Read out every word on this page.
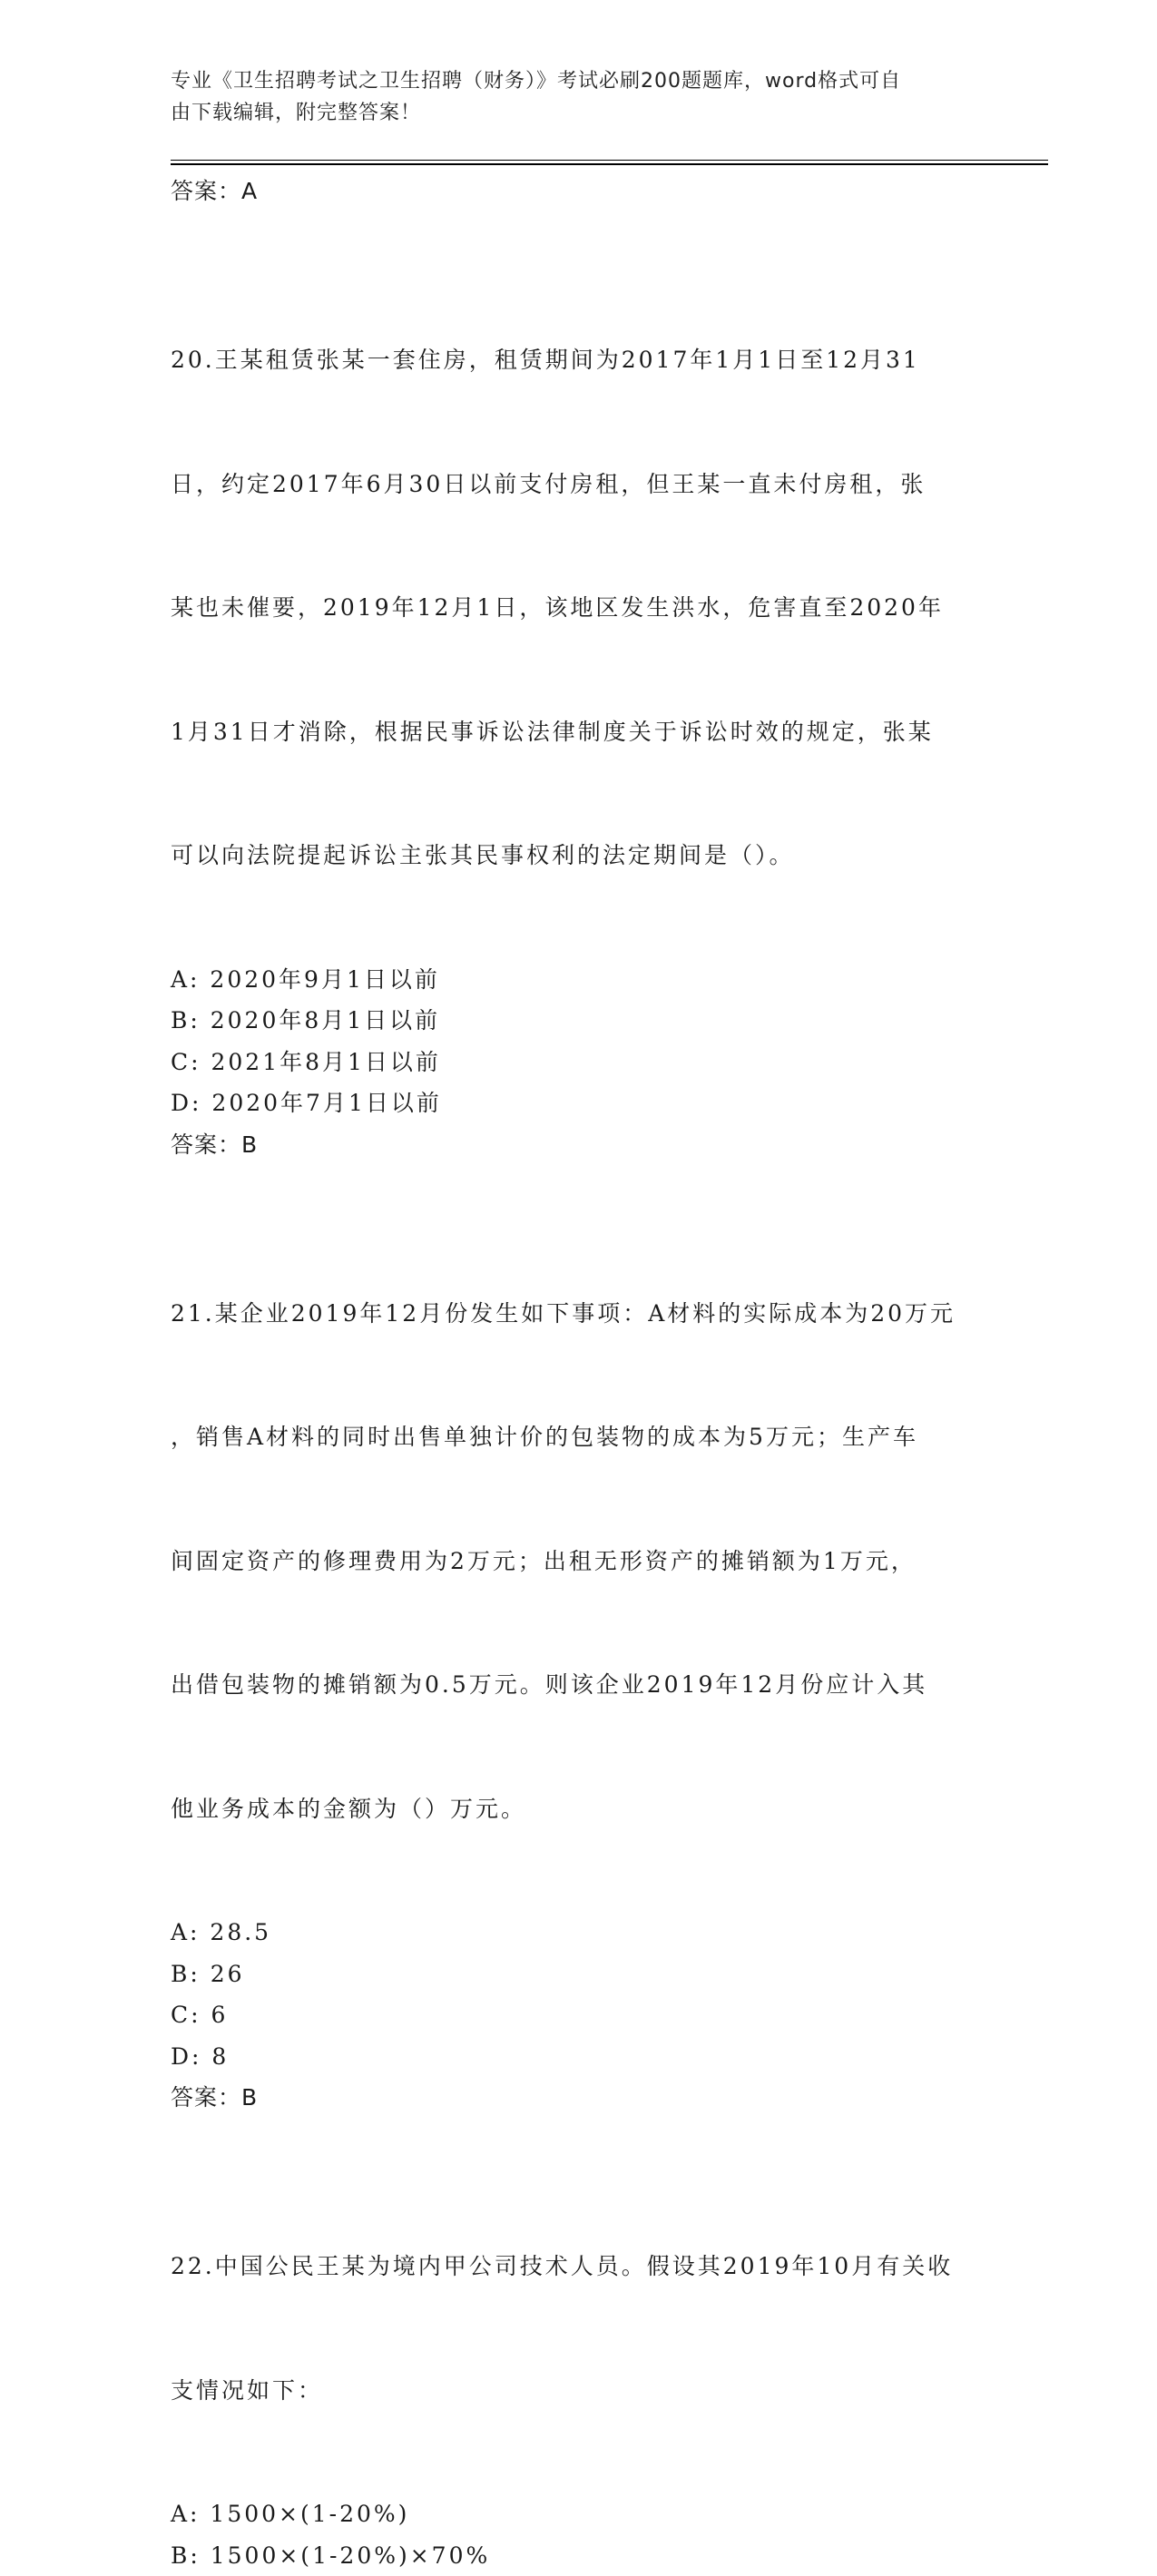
专业《卫生招聘考试之卫生招聘（财务）》考试必刷200题题库，word格式可自
由下载编辑，附完整答案！

答案：A

20.王某租赁张某一套住房，租赁期间为2017年1月1日至12月31

日，约定2017年6月30日以前支付房租，但王某一直未付房租，张

某也未催要，2019年12月1日，该地区发生洪水，危害直至2020年

1月31日才消除，根据民事诉讼法律制度关于诉讼时效的规定，张某

可以向法院提起诉讼主张其民事权利的法定期间是（）。

A: 2020年9月1日以前

B: 2020年8月1日以前

C: 2021年8月1日以前

D: 2020年7月1日以前

答案：B

21.某企业2019年12月份发生如下事项：A材料的实际成本为20万元

，销售A材料的同时出售单独计价的包装物的成本为5万元；生产车

间固定资产的修理费用为2万元；出租无形资产的摊销额为1万元，

出借包装物的摊销额为0.5万元。则该企业2019年12月份应计入其

他业务成本的金额为（）万元。

A: 28.5

B: 26

C: 6

D: 8

答案：B

22.中国公民王某为境内甲公司技术人员。假设其2019年10月有关收

支情况如下：

A: 1500×(1-20%)

B: 1500×(1-20%)×70%
